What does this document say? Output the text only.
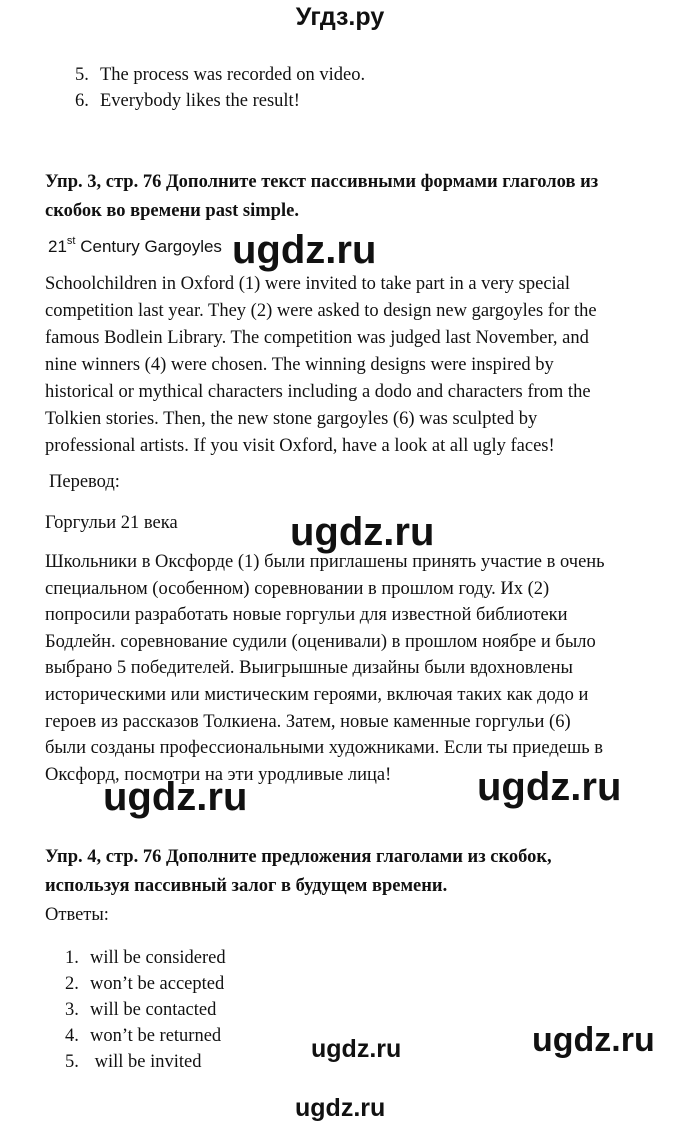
Угдз.ру
5. The process was recorded on video.
6. Everybody likes the result!
Упр. 3, стр. 76 Дополните текст пассивными формами глаголов из
скобок во времени past simple.
21st Century Gargoyles
Schoolchildren in Oxford (1) were invited to take part in a very special
competition last year. They (2) were asked to design new gargoyles for the
famous Bodlein Library. The competition was judged last November, and
nine winners (4) were chosen. The winning designs were inspired by
historical or mythical characters including a dodo and characters from the
Tolkien stories. Then, the new stone gargoyles (6) was sculpted by
professional artists. If you visit Oxford, have a look at all ugly faces!
Перевод:
Горгульи 21 века
Школьники в Оксфорде (1) были приглашены принять участие в очень
специальном (особенном) соревновании в прошлом году. Их (2)
попросили разработать новые горгульи для известной библиотеки
Бодлейн. соревнование судили (оценивали) в прошлом ноябре и было
выбрано 5 победителей. Выигрышные дизайны были вдохновлены
историческими или мистическим героями, включая таких как додо и
героев из рассказов Толкиена. Затем, новые каменные горгульи (6)
были созданы профессиональными художниками. Если ты приедешь в
Оксфорд, посмотри на эти уродливые лица!
Упр. 4, стр. 76 Дополните предложения глаголами из скобок,
используя пассивный залог в будущем времени.
Ответы:
1. will be considered
2. won’t be accepted
3. will be contacted
4. won’t be returned
5. will be invited
ugdz.ru
ugdz.ru
ugdz.ru	ugdz.ru
ugdz.ru	ugdz.ru
ugdz.ru
